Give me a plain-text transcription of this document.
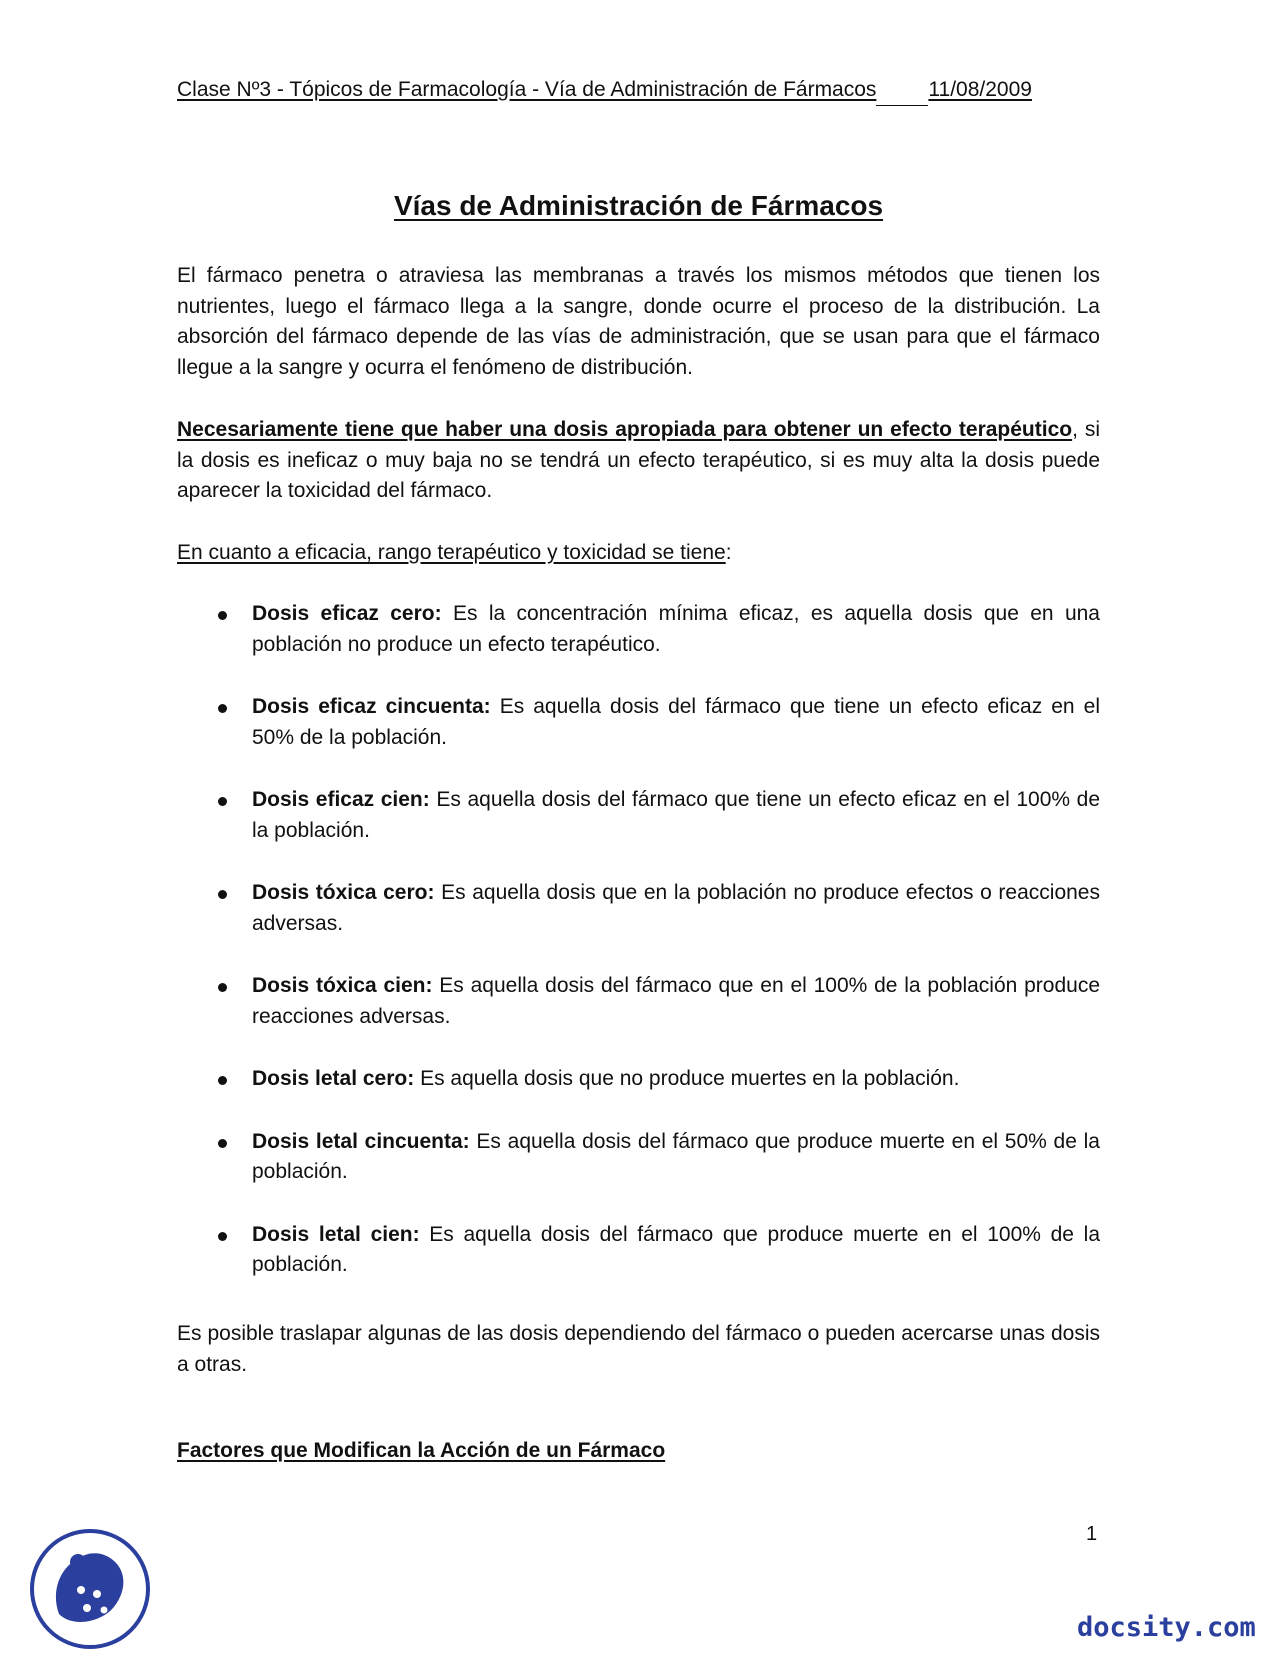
Clase Nº3 - Tópicos de Farmacología - Vía de Administración de Fármacos 11/08/2009
Vías de Administración de Fármacos

El fármaco penetra o atraviesa las membranas a través los mismos métodos que tienen los nutrientes, luego el fármaco llega a la sangre, donde ocurre el proceso de la distribución. La absorción del fármaco depende de las vías de administración, que se usan para que el fármaco llegue a la sangre y ocurra el fenómeno de distribución.

Necesariamente tiene que haber una dosis apropiada para obtener un efecto terapéutico, si la dosis es ineficaz o muy baja no se tendrá un efecto terapéutico, si es muy alta la dosis puede aparecer la toxicidad del fármaco.

En cuanto a eficacia, rango terapéutico y toxicidad se tiene:

Dosis eficaz cero: Es la concentración mínima eficaz, es aquella dosis que en una población no produce un efecto terapéutico.
Dosis eficaz cincuenta: Es aquella dosis del fármaco que tiene un efecto eficaz en el 50% de la población.
Dosis eficaz cien: Es aquella dosis del fármaco que tiene un efecto eficaz en el 100% de la población.
Dosis tóxica cero: Es aquella dosis que en la población no produce efectos o reacciones adversas.
Dosis tóxica cien: Es aquella dosis del fármaco que en el 100% de la población produce reacciones adversas.
Dosis letal cero: Es aquella dosis que no produce muertes en la población.
Dosis letal cincuenta: Es aquella dosis del fármaco que produce muerte en el 50% de la población.
Dosis letal cien: Es aquella dosis del fármaco que produce muerte en el 100% de la población.

Es posible traslapar algunas de las dosis dependiendo del fármaco o pueden acercarse unas dosis a otras.

Factores que Modifican la Acción de un Fármaco
1
docsity.com
